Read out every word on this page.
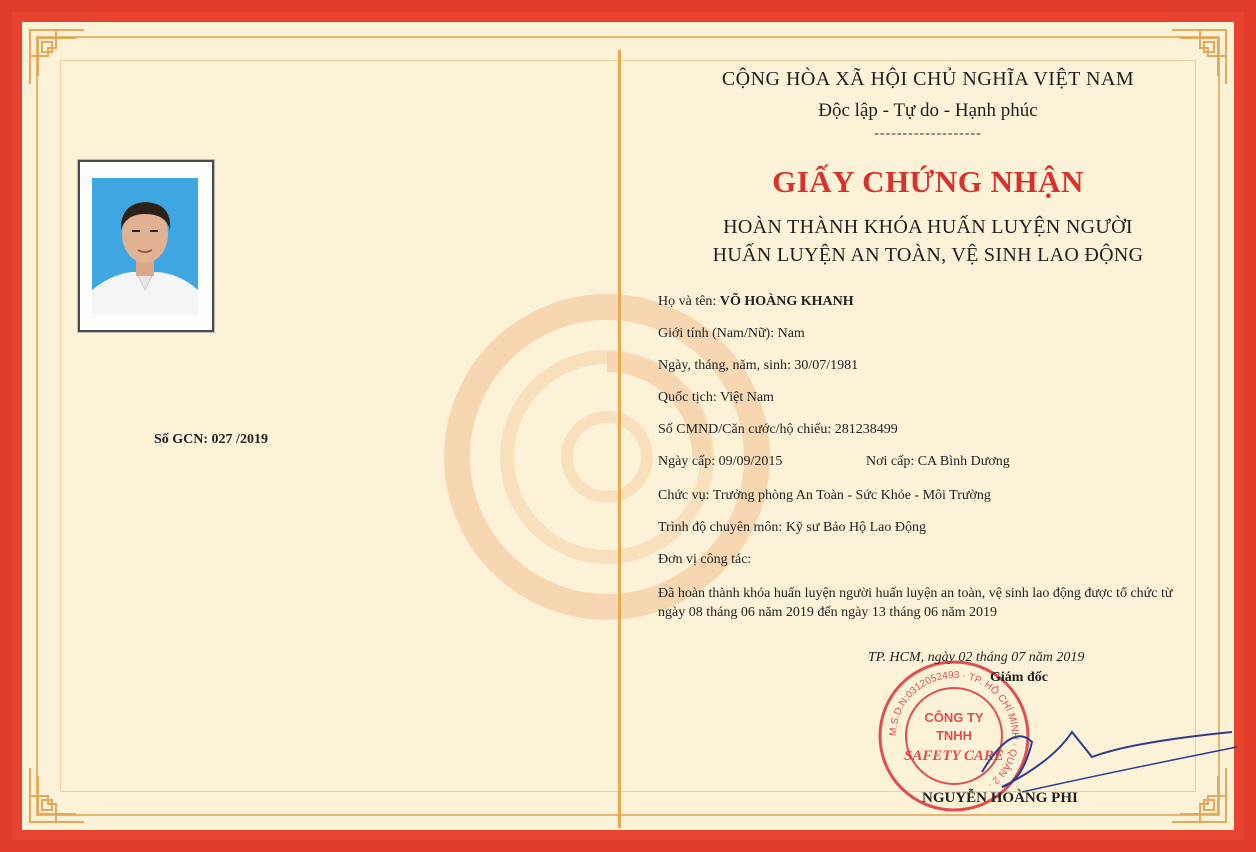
Số GCN: 027 /2019
CỘNG HÒA XÃ HỘI CHỦ NGHĨA VIỆT NAM
Độc lập - Tự do - Hạnh phúc
-------------------
GIẤY CHỨNG NHẬN
HOÀN THÀNH KHÓA HUẤN LUYỆN NGƯỜI
HUẤN LUYỆN AN TOÀN, VỆ SINH LAO ĐỘNG
Họ và tên: VÕ HOÀNG KHANH
Giới tính (Nam/Nữ): Nam
Ngày, tháng, năm, sinh: 30/07/1981
Quốc tịch: Việt Nam
Số CMND/Căn cước/hộ chiếu: 281238499
Ngày cấp: 09/09/2015	Nơi cấp: CA Bình Dương
Chức vụ: Trưởng phòng An Toàn - Sức Khỏe - Môi Trường
Trình độ chuyên môn: Kỹ sư Bảo Hộ Lao Động
Đơn vị công tác:
Đã hoàn thành khóa huấn luyện người huấn luyện an toàn, vệ sinh lao động được tổ chức từ ngày 08 tháng 06 năm 2019 đến ngày 13 tháng 06 năm 2019
M.S.D.N:0312052493 · TP. HỒ CHÍ MINH · QUẬN 2 ·
CÔNG TY
TNHH
SAFETY CARE
TP. HCM, ngày 02 tháng 07 năm 2019
Giám đốc
NGUYỄN HOÀNG PHI
